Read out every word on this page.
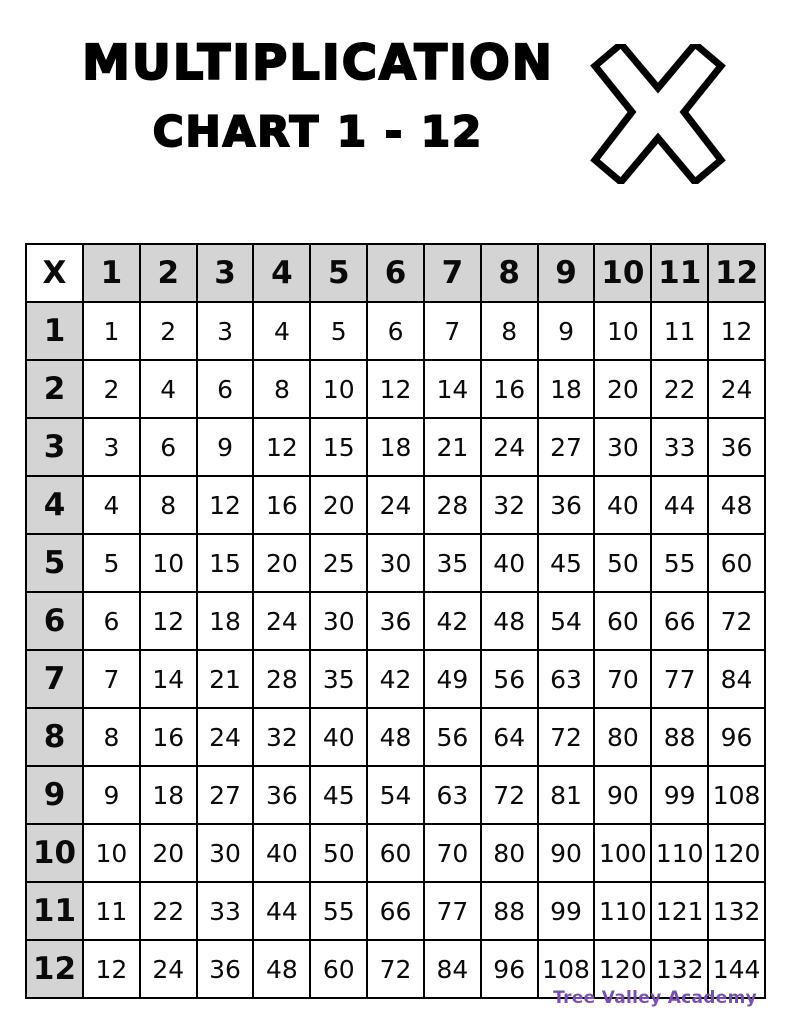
MULTIPLICATION
CHART 1 - 12
X	1	2	3	4	5	6	7	8	9	10	11	12
1	1	2	3	4	5	6	7	8	9	10	11	12
2	2	4	6	8	10	12	14	16	18	20	22	24
3	3	6	9	12	15	18	21	24	27	30	33	36
4	4	8	12	16	20	24	28	32	36	40	44	48
5	5	10	15	20	25	30	35	40	45	50	55	60
6	6	12	18	24	30	36	42	48	54	60	66	72
7	7	14	21	28	35	42	49	56	63	70	77	84
8	8	16	24	32	40	48	56	64	72	80	88	96
9	9	18	27	36	45	54	63	72	81	90	99	108
10	10	20	30	40	50	60	70	80	90	100	110	120
11	11	22	33	44	55	66	77	88	99	110	121	132
12	12	24	36	48	60	72	84	96	108	120	132	144
Tree Valley Academy
